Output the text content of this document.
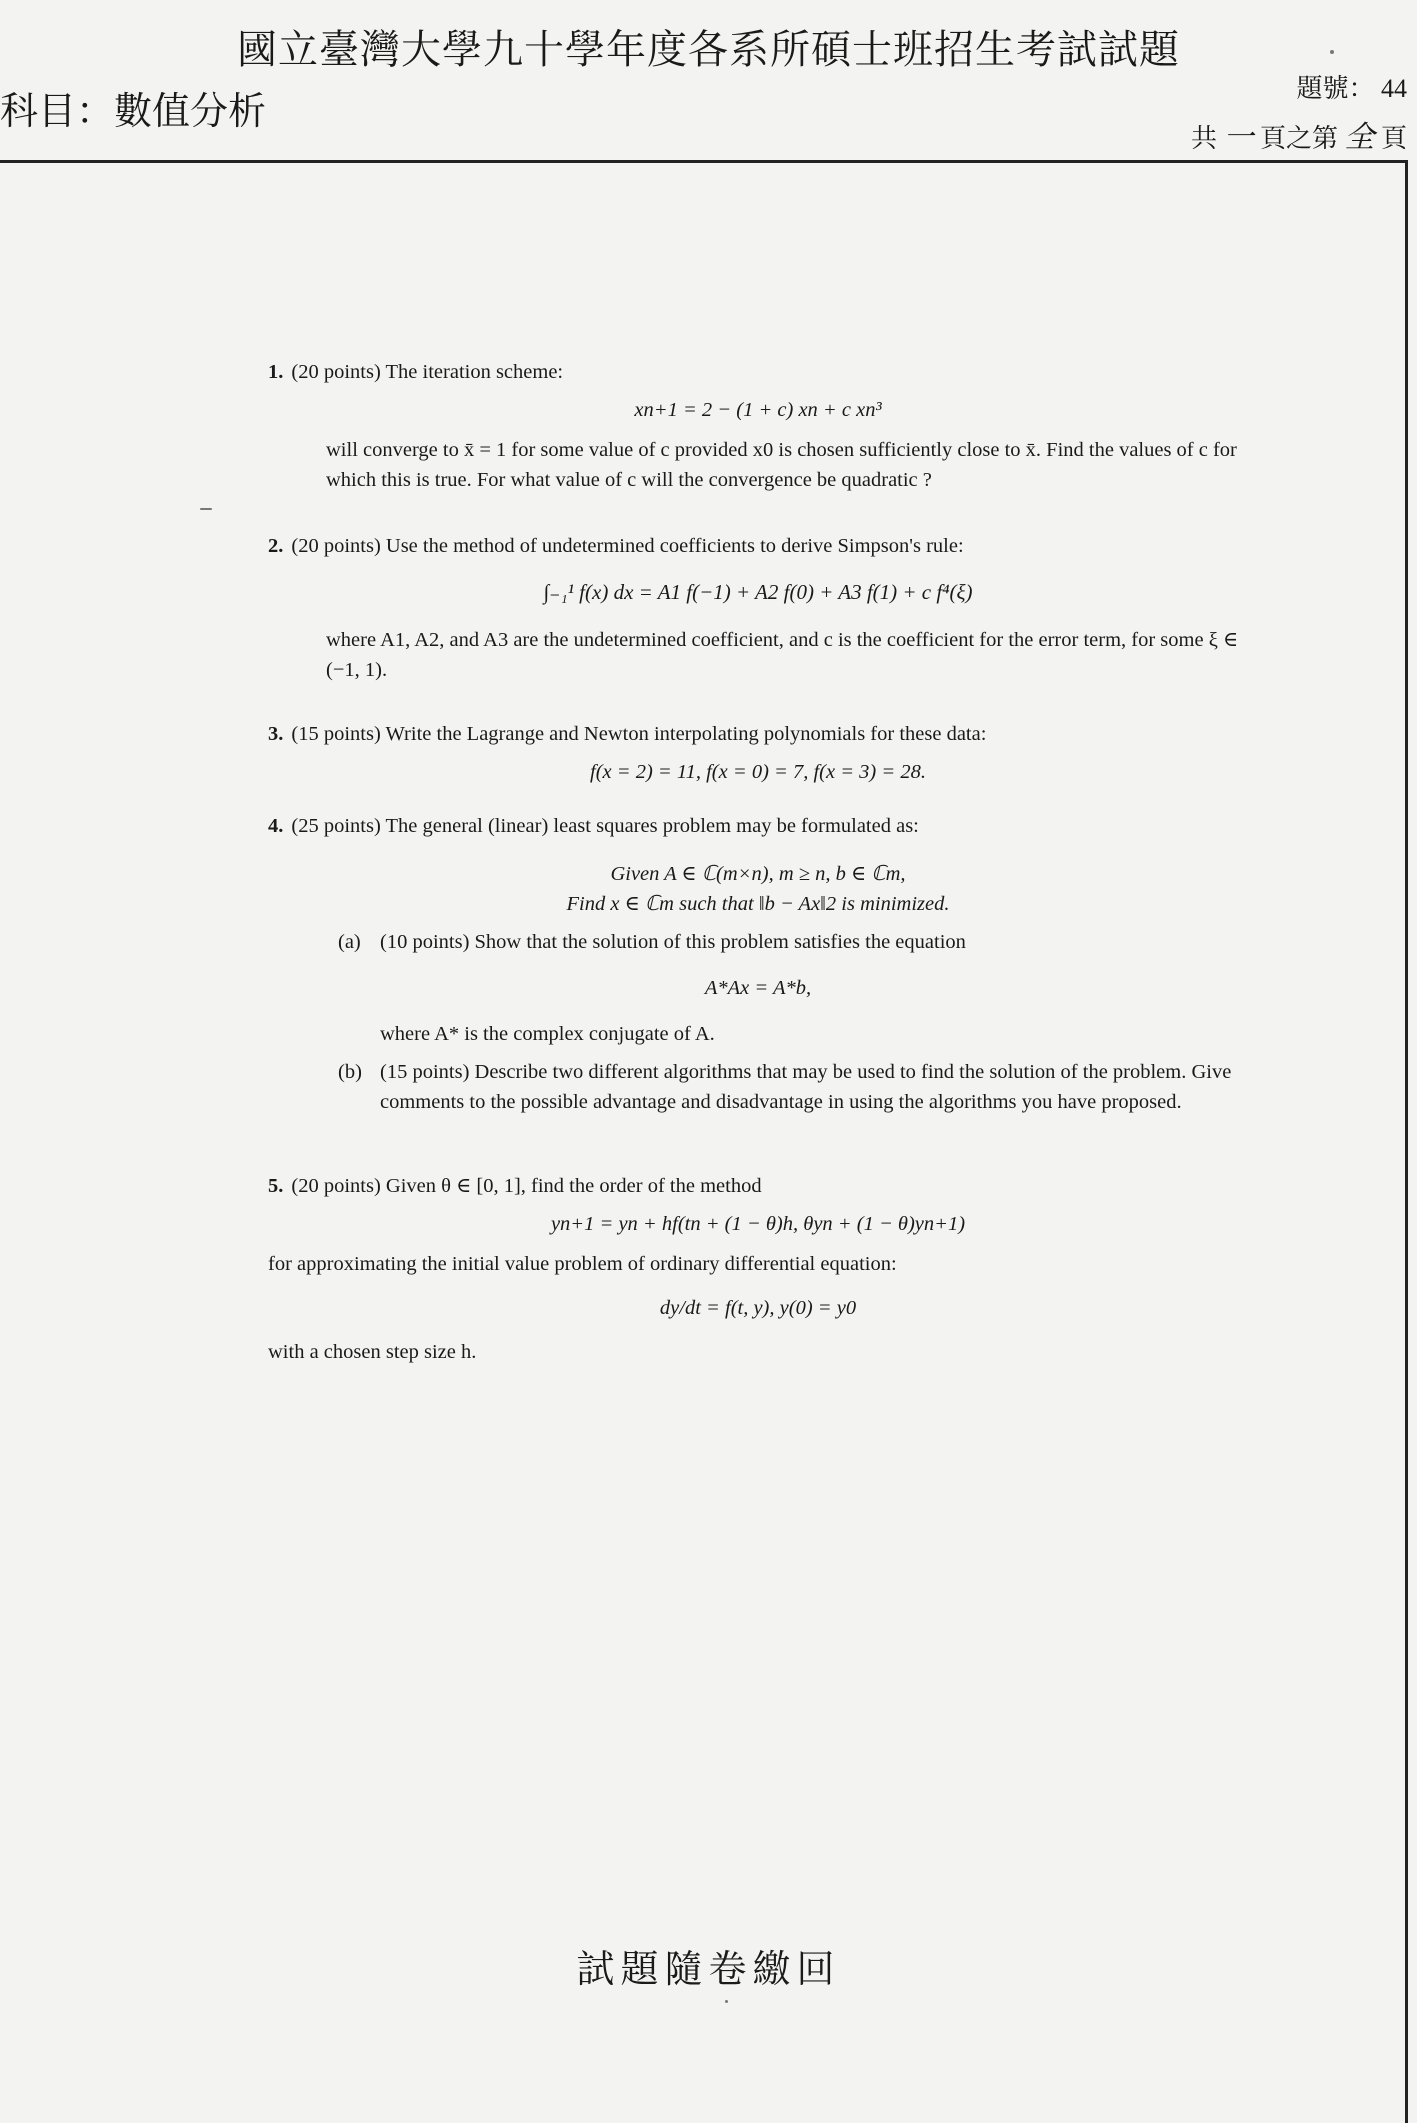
國立臺灣大學九十學年度各系所碩士班招生考試試題
科目：數值分析
題號： 44
共 一 頁之第 全 頁

1. (20 points) The iteration scheme:

xn+1 = 2 − (1 + c) xn + c xn³

will converge to x̄ = 1 for some value of c provided x0 is chosen sufficiently close to x̄. Find the values of c for which this is true. For what value of c will the convergence be quadratic ?

2. (20 points) Use the method of undetermined coefficients to derive Simpson's rule:

∫₋₁¹ f(x) dx = A1 f(−1) + A2 f(0) + A3 f(1) + c f⁴(ξ)

where A1, A2, and A3 are the undetermined coefficient, and c is the coefficient for the error term, for some ξ ∈ (−1, 1).

3. (15 points) Write the Lagrange and Newton interpolating polynomials for these data:

f(x = 2) = 11, f(x = 0) = 7, f(x = 3) = 28.

4. (25 points) The general (linear) least squares problem may be formulated as:

Given A ∈ ℂ(m×n), m ≥ n, b ∈ ℂm,
Find x ∈ ℂm such that ‖b − Ax‖2 is minimized.
(a) (10 points) Show that the solution of this problem satisfies the equation
A*Ax = A*b,
where A* is the complex conjugate of A.
(b) (15 points) Describe two different algorithms that may be used to find the solution of the problem. Give comments to the possible advantage and disadvantage in using the algorithms you have proposed.

5. (20 points) Given θ ∈ [0, 1], find the order of the method

yn+1 = yn + hf(tn + (1 − θ)h, θyn + (1 − θ)yn+1)

for approximating the initial value problem of ordinary differential equation:

dy/dt = f(t, y), y(0) = y0

with a chosen step size h.

試題隨卷繳回
